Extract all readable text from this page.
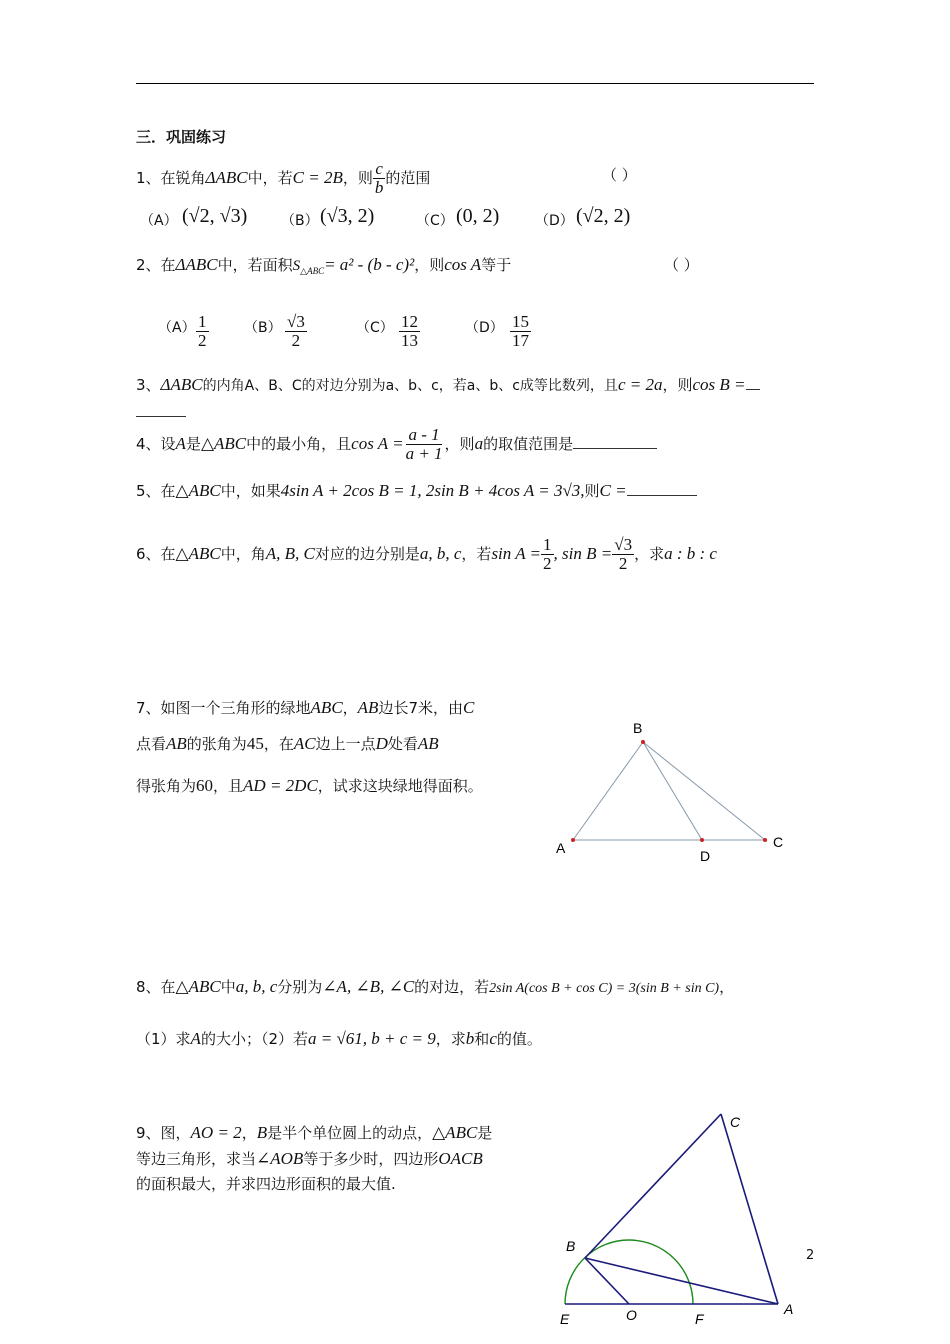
三．巩固练习
1、在锐角ΔABC中，若C = 2B，则 $\frac{c}{b}$ 的范围	（ ）
（A） (√2, √3) （B） (√3, 2)	（C） (0, 2)	（D） (√2, 2)
2、在ΔABC中，若面积$S_{\triangle ABC}= a^2 - (b - c)^2$，则cos A等于	（ ）
$(A) \frac{1}{2}$	$(B) \frac{√3}{2}$	$(C) \frac{12}{13}$	$(D) \frac{15}{17}$
3、ΔABC的内角A、B、C的对边分别为a、b、c，若a、b、c成等比数列，且c = 2a，则cos B =
4、设A是△ABC中的最小角，且$\cos A = \frac{a - 1}{a + 1}$ ，则a的取值范围是
5、在△ABC中，如果4sin A + 2cos B = 1, 2sin B + 4cos A = 3√3,则C =
6、在△ABC中，角A, B, C对应的边分别是a, b, c，若$\sin A = \frac{1}{2}$ , $\sin B = \frac{√3}{2}$ ，求a : b : c
7、如图一个三角形的绿地ABC，AB边长7米，由C
点看AB的张角为45，在AC边上一点D处看AB
得张角为60，且AD = 2DC，试求这块绿地得面积。
A
B
C
D
8、在△ABC中a, b, c分别为∠A, ∠B, ∠C的对边，若2sin A(cos B + cos C) = 3(sin B + sin C)，
（1）求A的大小；（2）若a = √61, b + c = 9，求b和c的值。
9、图，AO = 2，B是半个单位圆上的动点，△ABC是
等边三角形，求当∠AOB等于多少时，四边形OACB
的面积最大，并求四边形面积的最大值.
C
B
A
E	O	F
2
